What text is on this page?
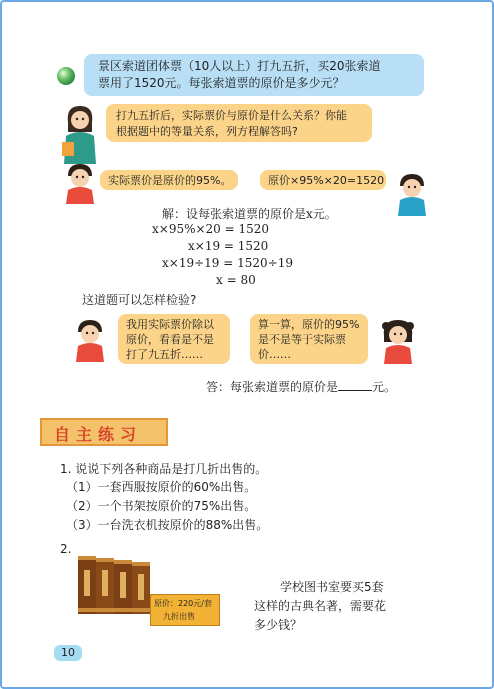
景区索道团体票（10人以上）打九五折，买20张索道
票用了1520元。每张索道票的原价是多少元？
打九五折后，实际票价与原价是什么关系？你能
根据题中的等量关系，列方程解答吗?
实际票价是原价的95%。	原价×95%×20=1520
解：设每张索道票的原价是x元。
x×95%×20 = 1520
x×19 = 1520
x×19÷19 = 1520÷19
x = 80
这道题可以怎样检验?
我用实际票价除以
原价，看看是不是
打了九五折……
算一算，原价的95%
是不是等于实际票
价……
答：每张索道票的原价是	元。
自主练习
1. 说说下列各种商品是打几折出售的。
（1）一套西服按原价的60%出售。
（2）一个书架按原价的75%出售。
（3）一台洗衣机按原价的88%出售。
2.
原价：220元/套
九折出售
学校图书室要买5套
这样的古典名著，需要花
多少钱？
10
